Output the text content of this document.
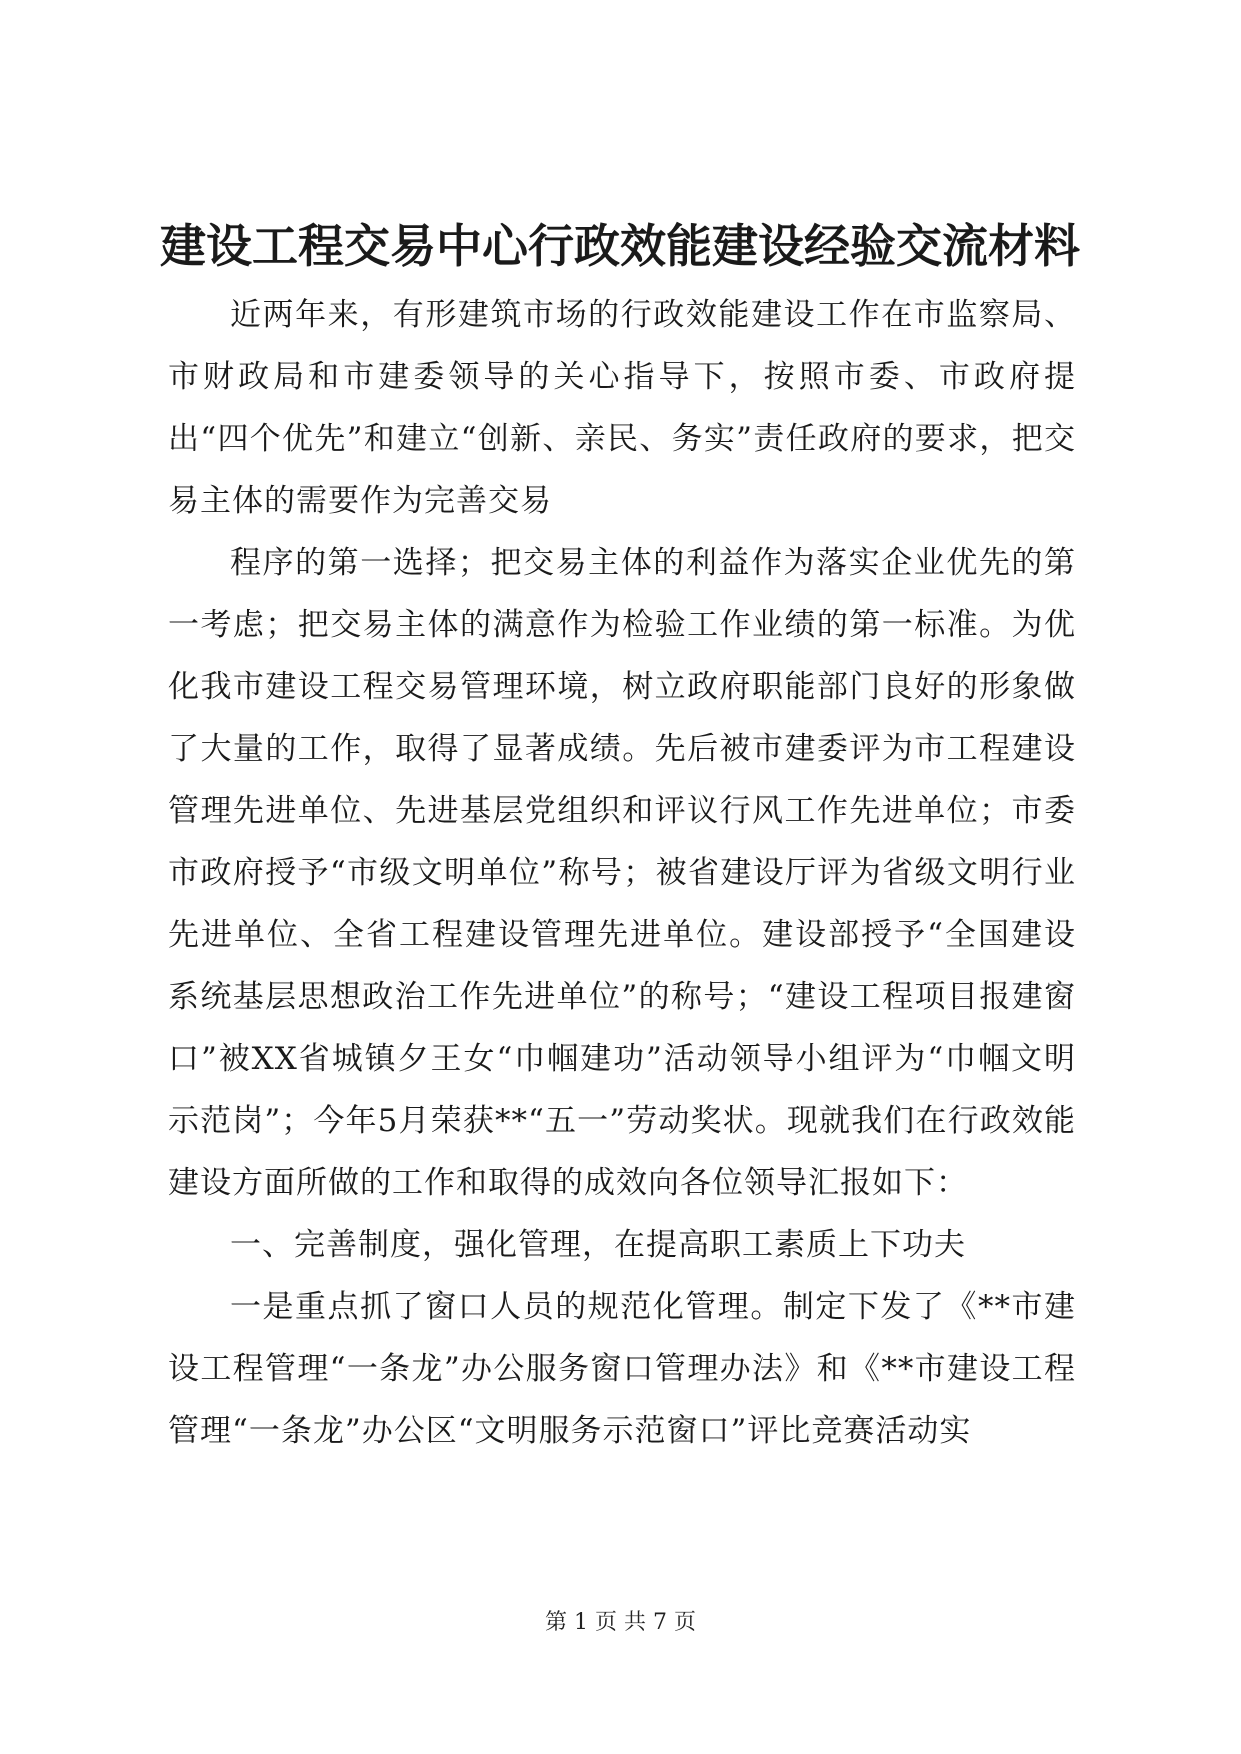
建设工程交易中心行政效能建设经验交流材料

近两年来，有形建筑市场的行政效能建设工作在市监察局、市财政局和市建委领导的关心指导下，按照市委、市政府提出“四个优先”和建立“创新、亲民、务实”责任政府的要求，把交易主体的需要作为完善交易

程序的第一选择；把交易主体的利益作为落实企业优先的第一考虑；把交易主体的满意作为检验工作业绩的第一标准。为优化我市建设工程交易管理环境，树立政府职能部门良好的形象做了大量的工作，取得了显著成绩。先后被市建委评为市工程建设管理先进单位、先进基层党组织和评议行风工作先进单位；市委市政府授予“市级文明单位”称号；被省建设厅评为省级文明行业先进单位、全省工程建设管理先进单位。建设部授予“全国建设系统基层思想政治工作先进单位”的称号；“建设工程项目报建窗口”被XX省城镇夕王女“巾帼建功”活动领导小组评为“巾帼文明示范岗”；今年5月荣获**“五一”劳动奖状。现就我们在行政效能建设方面所做的工作和取得的成效向各位领导汇报如下：

一、完善制度，强化管理，在提高职工素质上下功夫

一是重点抓了窗口人员的规范化管理。制定下发了《**市建设工程管理“一条龙”办公服务窗口管理办法》和《**市建设工程管理“一条龙”办公区“文明服务示范窗口”评比竞赛活动实

第 1 页 共 7 页
